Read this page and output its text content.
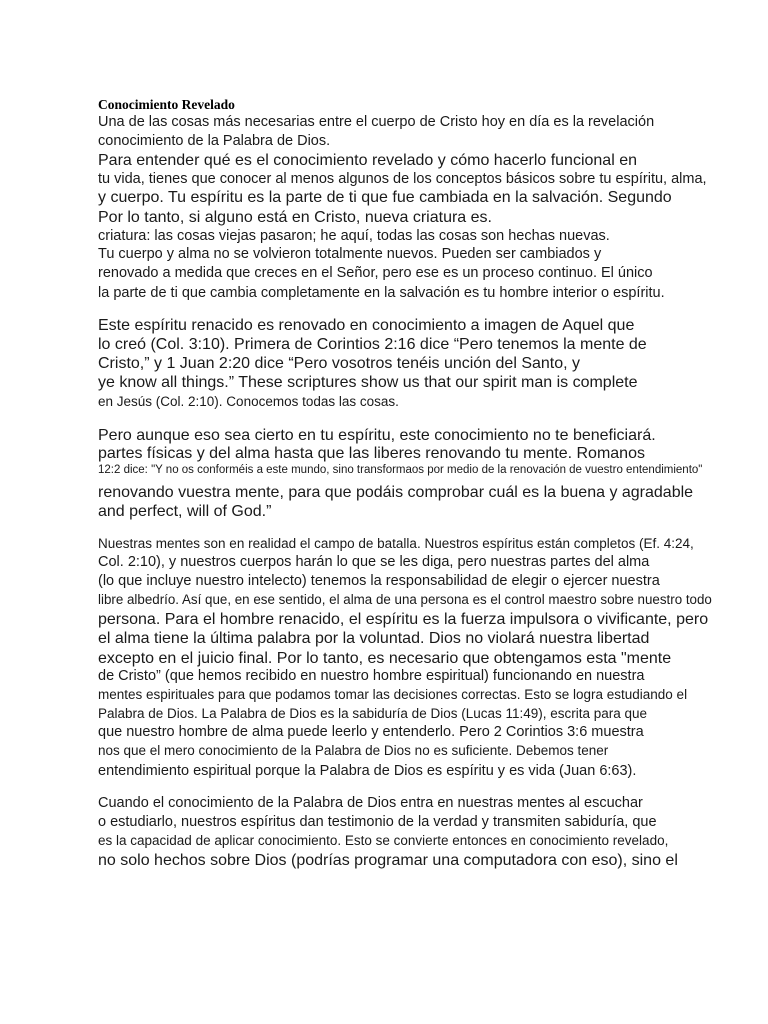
Conocimiento Revelado
Una de las cosas más necesarias entre el cuerpo de Cristo hoy en día es la revelación
conocimiento de la Palabra de Dios.
Para entender qué es el conocimiento revelado y cómo hacerlo funcional en
tu vida, tienes que conocer al menos algunos de los conceptos básicos sobre tu espíritu, alma,
y cuerpo. Tu espíritu es la parte de ti que fue cambiada en la salvación. Segundo
Por lo tanto, si alguno está en Cristo, nueva criatura es.
criatura: las cosas viejas pasaron; he aquí, todas las cosas son hechas nuevas.
Tu cuerpo y alma no se volvieron totalmente nuevos. Pueden ser cambiados y
renovado a medida que creces en el Señor, pero ese es un proceso continuo. El único
la parte de ti que cambia completamente en la salvación es tu hombre interior o espíritu.
Este espíritu renacido es renovado en conocimiento a imagen de Aquel que
lo creó (Col. 3:10). Primera de Corintios 2:16 dice “Pero tenemos la mente de
Cristo,” y 1 Juan 2:20 dice “Pero vosotros tenéis unción del Santo, y
ye know all things.” These scriptures show us that our spirit man is complete
en Jesús (Col. 2:10). Conocemos todas las cosas.
Pero aunque eso sea cierto en tu espíritu, este conocimiento no te beneficiará.
partes físicas y del alma hasta que las liberes renovando tu mente. Romanos
12:2 dice: "Y no os conforméis a este mundo, sino transformaos por medio de la renovación de vuestro entendimiento"
renovando vuestra mente, para que podáis comprobar cuál es la buena y agradable
and perfect, will of God.”
Nuestras mentes son en realidad el campo de batalla. Nuestros espíritus están completos (Ef. 4:24,
Col. 2:10), y nuestros cuerpos harán lo que se les diga, pero nuestras partes del alma
(lo que incluye nuestro intelecto) tenemos la responsabilidad de elegir o ejercer nuestra
libre albedrío. Así que, en ese sentido, el alma de una persona es el control maestro sobre nuestro todo
persona. Para el hombre renacido, el espíritu es la fuerza impulsora o vivificante, pero
el alma tiene la última palabra por la voluntad. Dios no violará nuestra libertad
excepto en el juicio final. Por lo tanto, es necesario que obtengamos esta "mente
de Cristo” (que hemos recibido en nuestro hombre espiritual) funcionando en nuestra
mentes espirituales para que podamos tomar las decisiones correctas. Esto se logra estudiando el
Palabra de Dios. La Palabra de Dios es la sabiduría de Dios (Lucas 11:49), escrita para que
que nuestro hombre de alma puede leerlo y entenderlo. Pero 2 Corintios 3:6 muestra
nos que el mero conocimiento de la Palabra de Dios no es suficiente. Debemos tener
entendimiento espiritual porque la Palabra de Dios es espíritu y es vida (Juan 6:63).
Cuando el conocimiento de la Palabra de Dios entra en nuestras mentes al escuchar
o estudiarlo, nuestros espíritus dan testimonio de la verdad y transmiten sabiduría, que
es la capacidad de aplicar conocimiento. Esto se convierte entonces en conocimiento revelado,
no solo hechos sobre Dios (podrías programar una computadora con eso), sino el
